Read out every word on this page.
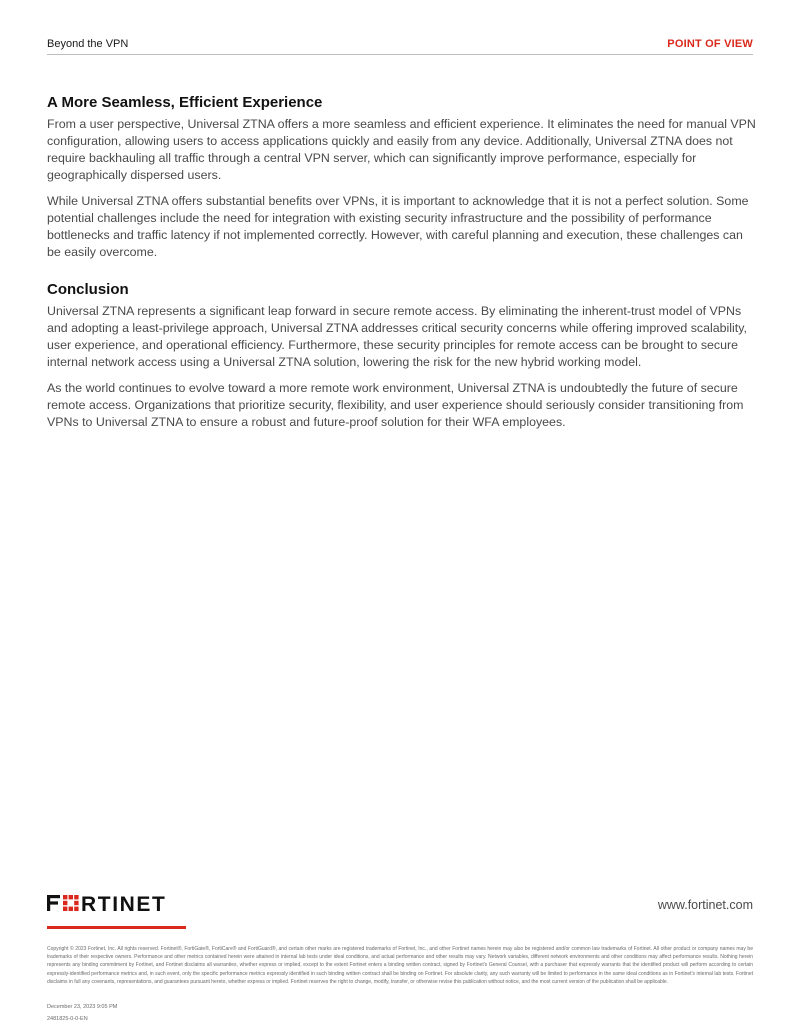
Beyond the VPN	POINT OF VIEW
A More Seamless, Efficient Experience

From a user perspective, Universal ZTNA offers a more seamless and efficient experience. It eliminates the need for manual VPN configuration, allowing users to access applications quickly and easily from any device. Additionally, Universal ZTNA does not require backhauling all traffic through a central VPN server, which can significantly improve performance, especially for geographically dispersed users.

While Universal ZTNA offers substantial benefits over VPNs, it is important to acknowledge that it is not a perfect solution. Some potential challenges include the need for integration with existing security infrastructure and the possibility of performance bottlenecks and traffic latency if not implemented correctly. However, with careful planning and execution, these challenges can be easily overcome.

Conclusion

Universal ZTNA represents a significant leap forward in secure remote access. By eliminating the inherent-trust model of VPNs and adopting a least-privilege approach, Universal ZTNA addresses critical security concerns while offering improved scalability, user experience, and operational efficiency. Furthermore, these security principles for remote access can be brought to secure internal network access using a Universal ZTNA solution, lowering the risk for the new hybrid working model.

As the world continues to evolve toward a more remote work environment, Universal ZTNA is undoubtedly the future of secure remote access. Organizations that prioritize security, flexibility, and user experience should seriously consider transitioning from VPNs to Universal ZTNA to ensure a robust and future-proof solution for their WFA employees.

RTINET	www.fortinet.com
Copyright © 2023 Fortinet, Inc. All rights reserved. Fortinet®, FortiGate®, FortiCare® and FortiGuard®, and certain other marks are registered trademarks of Fortinet, Inc., and other Fortinet names herein may also be registered and/or common law trademarks of Fortinet. All other product or company names may be trademarks of their respective owners. Performance and other metrics contained herein were attained in internal lab tests under ideal conditions, and actual performance and other results may vary. Network variables, different network environments and other conditions may affect performance results. Nothing herein represents any binding commitment by Fortinet, and Fortinet disclaims all warranties, whether express or implied, except to the extent Fortinet enters a binding written contract, signed by Fortinet's General Counsel, with a purchaser that expressly warrants that the identified product will perform according to certain expressly-identified performance metrics and, in such event, only the specific performance metrics expressly identified in such binding written contract shall be binding on Fortinet. For absolute clarity, any such warranty will be limited to performance in the same ideal conditions as in Fortinet's internal lab tests. Fortinet disclaims in full any covenants, representations, and guarantees pursuant hereto, whether express or implied. Fortinet reserves the right to change, modify, transfer, or otherwise revise this publication without notice, and the most current version of the publication shall be applicable.
December 23, 2023 9:05 PM
2481825-0-0-EN
